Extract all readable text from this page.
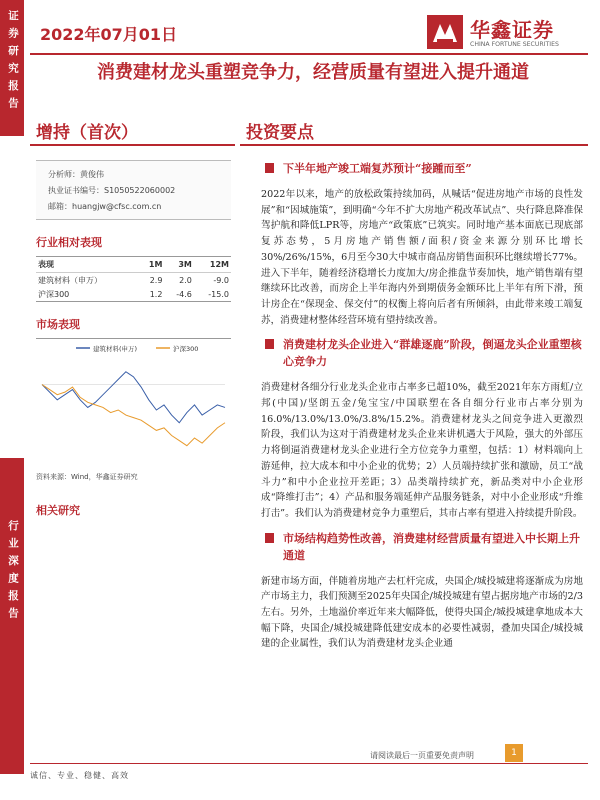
证券研究报告
行业深度报告
2022年07月01日	华鑫证券
CHINA FORTUNE SECURITIES
消费建材龙头重塑竞争力，经营质量有望进入提升通道
增持（首次）	投资要点
分析师：黄俊伟
执业证书编号：S1050522060002
邮箱：huangjw@cfsc.com.cn
行业相对表现
表现	1M	3M	12M
建筑材料（申万）	2.9	2.0	-9.0
沪深300	1.2	-4.6	-15.0
市场表现
建筑材料(申万)	沪深300
资料来源：Wind，华鑫证券研究
相关研究
下半年地产竣工端复苏预计“接踵而至”
2022年以来，地产的放松政策持续加码，从喊话“促进房地产市场的良性发展”和“因城施策”，到明确“今年不扩大房地产税改革试点”、央行降息降准保驾护航和降低LPR等，房地产“政策底”已筑实。同时地产基本面底已现底部复苏态势，5月房地产销售额/面积/资金来源分别环比增长30%/26%/15%，6月至今30大中城市商品房销售面积环比继续增长77%。进入下半年，随着经济稳增长力度加大/房企推盘节奏加快，地产销售端有望继续环比改善，而房企上半年海内外到期债务金额环比上半年有所下滑，预计房企在“保现金、保交付”的权衡上将向后者有所倾斜，由此带来竣工端复苏，消费建材整体经营环境有望持续改善。
消费建材龙头企业进入“群雄逐鹿”阶段，倒逼龙头企业重塑核心竞争力
消费建材各细分行业龙头企业市占率多已超10%，截至2021年东方雨虹/立邦(中国)/坚朗五金/兔宝宝/中国联塑在各自细分行业市占率分别为16.0%/13.0%/13.0%/3.8%/15.2%。消费建材龙头之间竞争进入更激烈阶段，我们认为这对于消费建材龙头企业来讲机遇大于风险，强大的外部压力将倒逼消费建材龙头企业进行全方位竞争力重塑，包括：1）材料端向上游延伸，拉大成本和中小企业的优势；2）人员端持续扩张和激励，员工“战斗力”和中小企业拉开差距；3）品类端持续扩充，新品类对中小企业形成“降维打击”；4）产品和服务端延伸产品服务链条，对中小企业形成“升维打击”。我们认为消费建材竞争力重塑后，其市占率有望进入持续提升阶段。
市场结构趋势性改善，消费建材经营质量有望进入中长期上升通道
新建市场方面，伴随着房地产去杠杆完成，央国企/城投城建将逐渐成为房地产市场主力，我们预测至2025年央国企/城投城建有望占据房地产市场的2/3左右。另外，土地溢价率近年来大幅降低，使得央国企/城投城建拿地成本大幅下降，央国企/城投城建降低建安成本的必要性减弱，叠加央国企/城投城建的企业属性，我们认为消费建材龙头企业通
请阅读最后一页重要免责声明	1
诚信、专业、稳健、高效
